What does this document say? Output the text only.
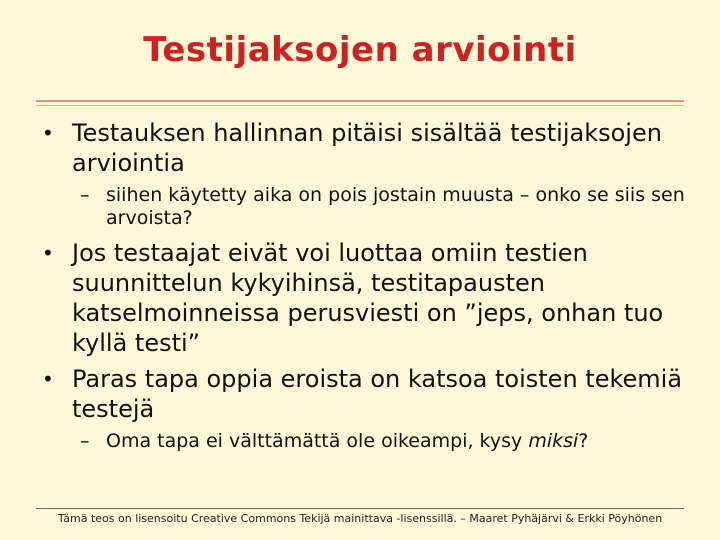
Testijaksojen arviointi
• Testauksen hallinnan pitäisi sisältää testijaksojen arviointia
– siihen käytetty aika on pois jostain muusta – onko se siis sen arvoista?
• Jos testaajat eivät voi luottaa omiin testien suunnittelun kykyihinsä, testitapausten katselmoinneissa perusviesti on ”jeps, onhan tuo kyllä testi”
• Paras tapa oppia eroista on katsoa toisten tekemiä testejä
– Oma tapa ei välttämättä ole oikeampi, kysy miksi?
Tämä teos on lisensoitu Creative Commons Tekijä mainittava -lisenssillä. – Maaret Pyhäjärvi & Erkki Pöyhönen
